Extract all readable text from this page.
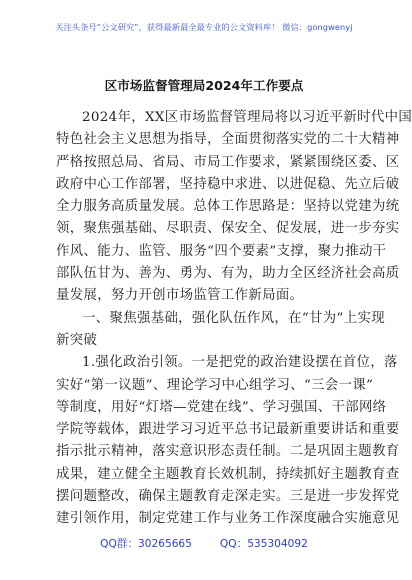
关注头条号“公文研究”，获得最新最全最专业的公文资料库！ 微信：gongwenyj
区市场监督管理局2024年工作要点
2024年，XX区市场监督管理局将以习近平新时代中国
特色社会主义思想为指导，全面贯彻落实党的二十大精神
严格按照总局、省局、市局工作要求，紧紧围绕区委、区
政府中心工作部署，坚持稳中求进、以进促稳、先立后破
全力服务高质量发展。总体工作思路是：坚持以党建为统
领，聚焦强基础、尽职责、保安全、促发展，进一步夯实
作风、能力、监管、服务“四个要素”支撑，聚力推动干
部队伍甘为、善为、勇为、有为，助力全区经济社会高质
量发展，努力开创市场监管工作新局面。
一、聚焦强基础，强化队伍作风，在“甘为”上实现
新突破
1.强化政治引领。一是把党的政治建设摆在首位，落
实好“第一议题”、理论学习中心组学习、“三会一课”
等制度，用好“灯塔—党建在线”、学习强国、干部网络
学院等载体，跟进学习习近平总书记最新重要讲话和重要
指示批示精神，落实意识形态责任制。二是巩固主题教育
成果，建立健全主题教育长效机制，持续抓好主题教育查
摆问题整改，确保主题教育走深走实。三是进一步发挥党
建引领作用，制定党建工作与业务工作深度融合实施意见
QQ群：30265665	QQ：535304092
